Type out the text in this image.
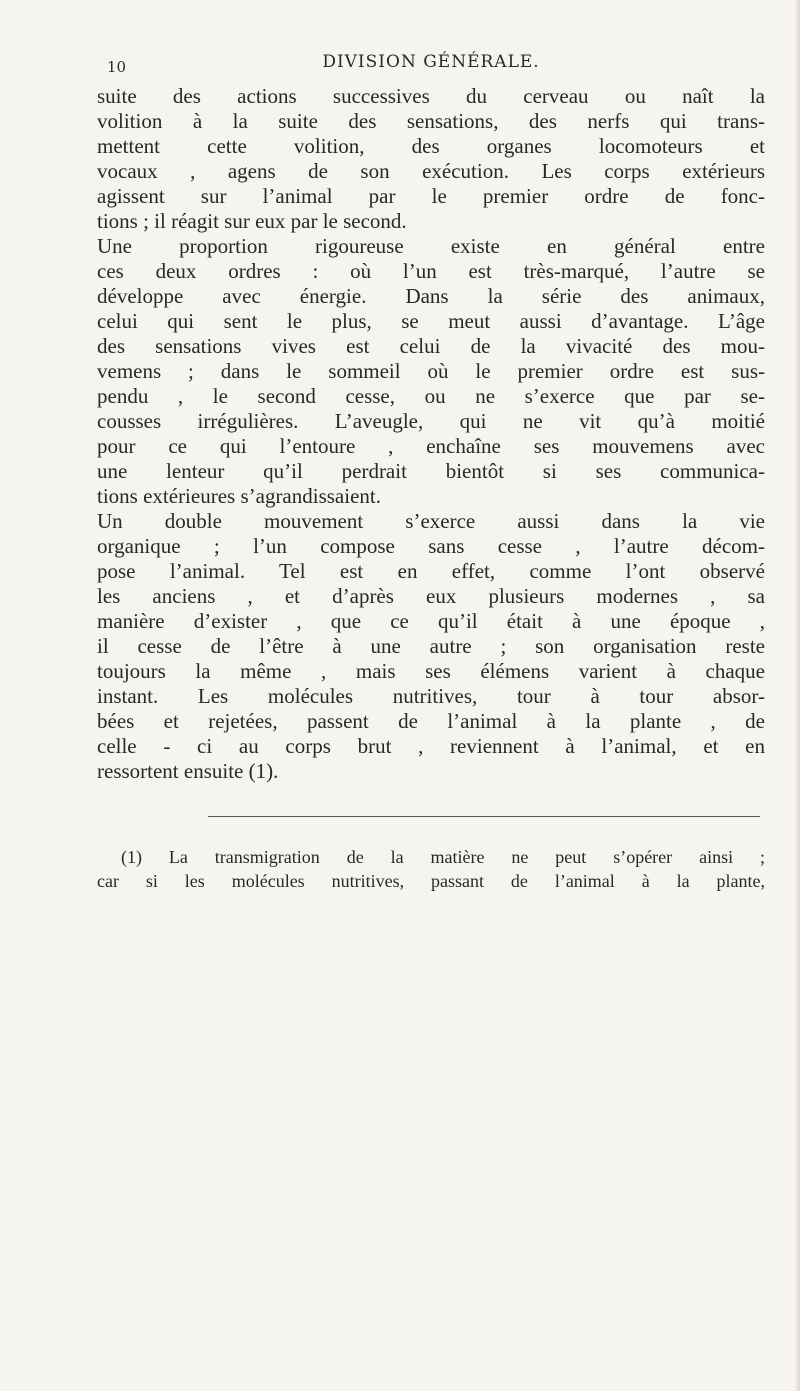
10	DIVISION GÉNÉRALE.
suite des actions successives du cerveau ou naît la
volition à la suite des sensations, des nerfs qui trans-
mettent cette volition, des organes locomoteurs et
vocaux , agens de son exécution. Les corps extérieurs
agissent sur l’animal par le premier ordre de fonc-
tions ; il réagit sur eux par le second.
Une proportion rigoureuse existe en général entre
ces deux ordres : où l’un est très-marqué, l’autre se
développe avec énergie. Dans la série des animaux,
celui qui sent le plus, se meut aussi d’avantage. L’âge
des sensations vives est celui de la vivacité des mou-
vemens ; dans le sommeil où le premier ordre est sus-
pendu , le second cesse, ou ne s’exerce que par se-
cousses irrégulières. L’aveugle, qui ne vit qu’à moitié
pour ce qui l’entoure , enchaîne ses mouvemens avec
une lenteur qu’il perdrait bientôt si ses communica-
tions extérieures s’agrandissaient.
Un double mouvement s’exerce aussi dans la vie
organique ; l’un compose sans cesse , l’autre décom-
pose l’animal. Tel est en effet, comme l’ont observé
les anciens , et d’après eux plusieurs modernes , sa
manière d’exister , que ce qu’il était à une époque ,
il cesse de l’être à une autre ; son organisation reste
toujours la même , mais ses élémens varient à chaque
instant. Les molécules nutritives, tour à tour absor-
bées et rejetées, passent de l’animal à la plante , de
celle - ci au corps brut , reviennent à l’animal, et en
ressortent ensuite (1).
(1) La transmigration de la matière ne peut s’opérer ainsi ;
car si les molécules nutritives, passant de l’animal à la plante,
